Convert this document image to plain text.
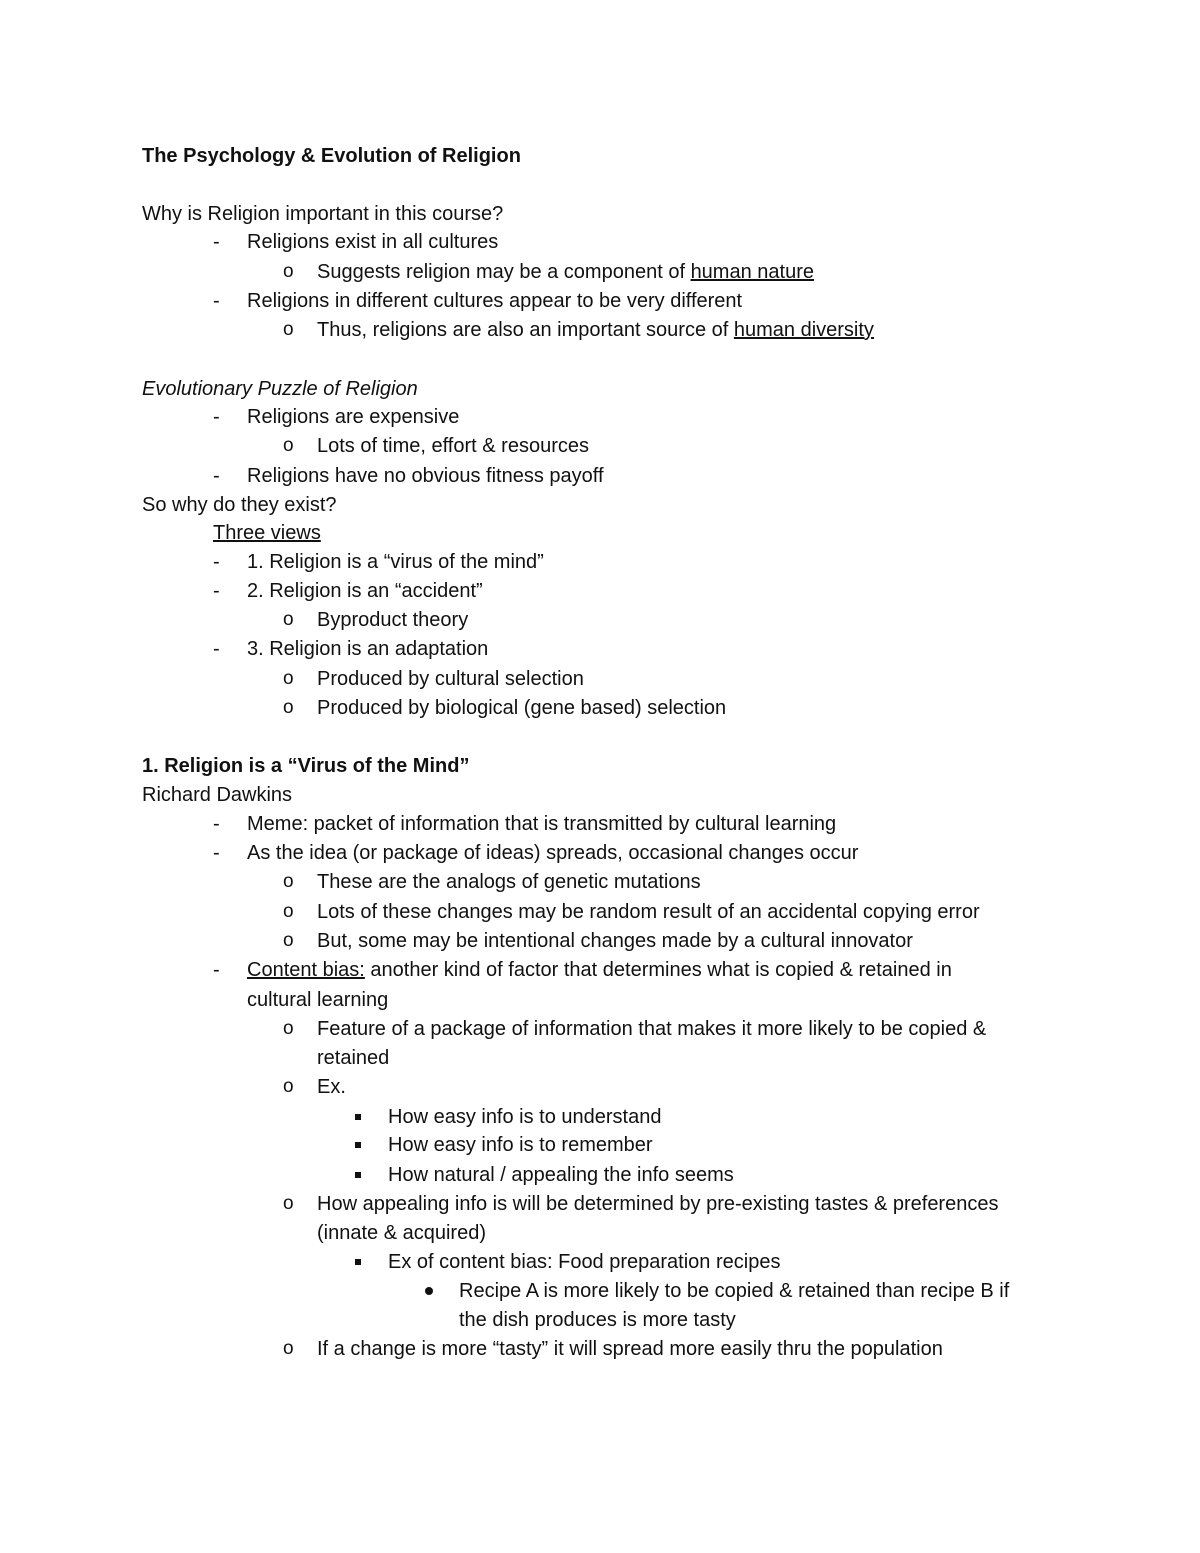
The Psychology & Evolution of Religion
Why is Religion important in this course?
- Religions exist in all cultures
o Suggests religion may be a component of human nature
- Religions in different cultures appear to be very different
o Thus, religions are also an important source of human diversity
Evolutionary Puzzle of Religion
- Religions are expensive
o Lots of time, effort & resources
- Religions have no obvious fitness payoff
So why do they exist?
Three views
- 1. Religion is a “virus of the mind”
- 2. Religion is an “accident”
o Byproduct theory
- 3. Religion is an adaptation
o Produced by cultural selection
o Produced by biological (gene based) selection
1. Religion is a “Virus of the Mind”
Richard Dawkins
- Meme: packet of information that is transmitted by cultural learning
- As the idea (or package of ideas) spreads, occasional changes occur
o These are the analogs of genetic mutations
o Lots of these changes may be random result of an accidental copying error
o But, some may be intentional changes made by a cultural innovator
- Content bias: another kind of factor that determines what is copied & retained in
cultural learning
o Feature of a package of information that makes it more likely to be copied &
retained
o Ex.
How easy info is to understand
How easy info is to remember
How natural / appealing the info seems
o How appealing info is will be determined by pre-existing tastes & preferences
(innate & acquired)
Ex of content bias: Food preparation recipes
Recipe A is more likely to be copied & retained than recipe B if
the dish produces is more tasty
o If a change is more “tasty” it will spread more easily thru the population
